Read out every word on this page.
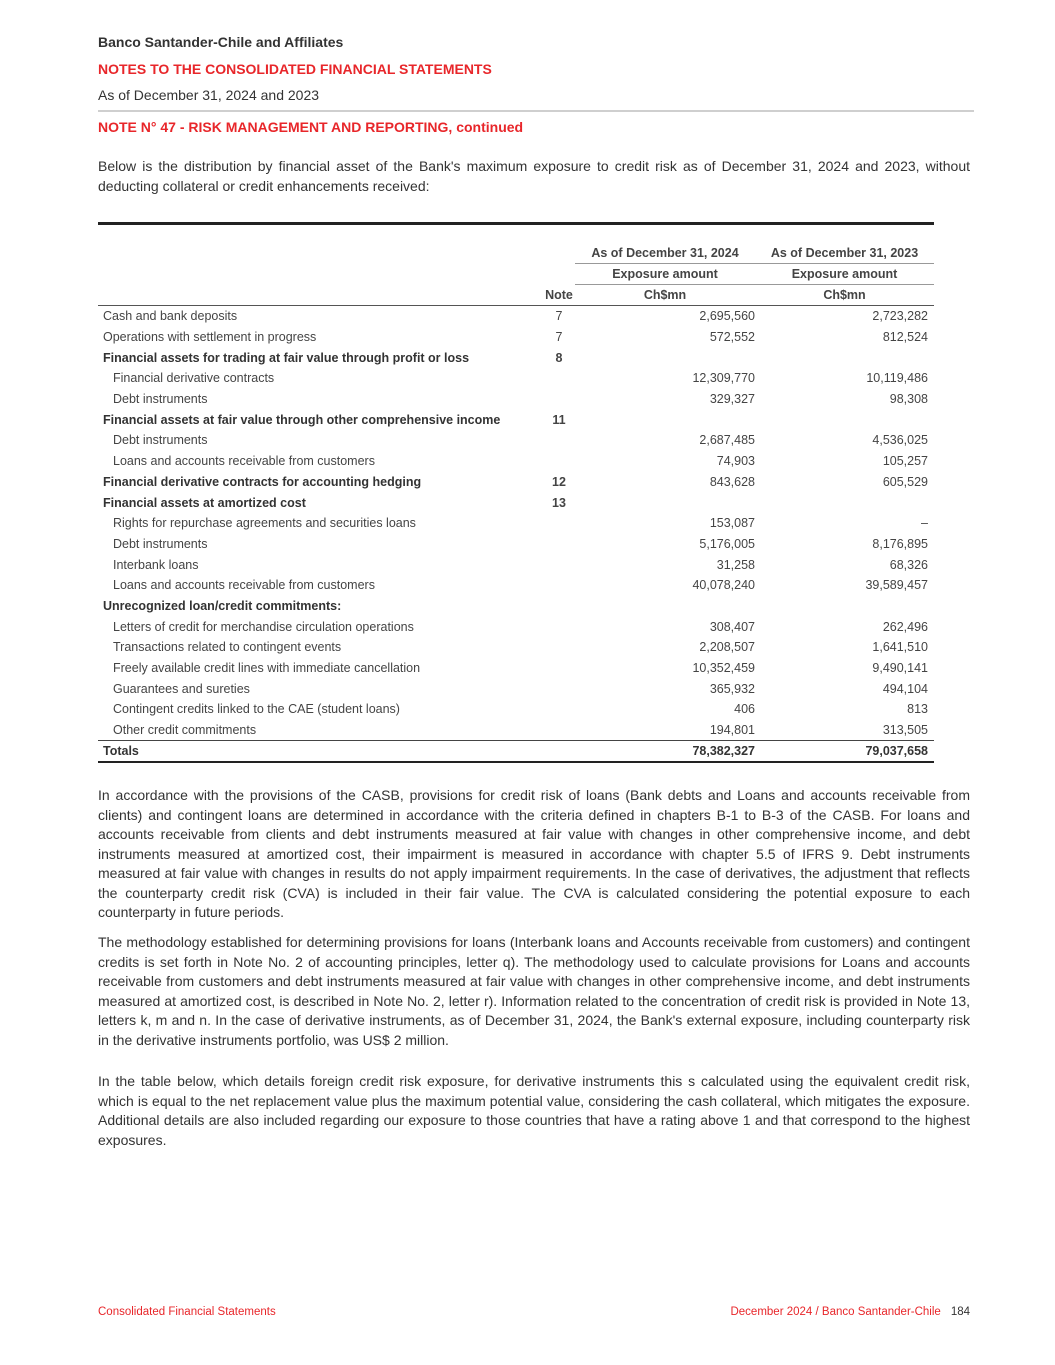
Banco Santander-Chile and Affiliates
NOTES TO THE CONSOLIDATED FINANCIAL STATEMENTS
As of December 31, 2024 and 2023
NOTE N° 47 - RISK MANAGEMENT AND REPORTING, continued
Below is the distribution by financial asset of the Bank's maximum exposure to credit risk as of December 31, 2024 and 2023, without deducting collateral or credit enhancements received:
		As of December 31, 2024	As of December 31, 2023
		Exposure amount	Exposure amount
	Note	Ch$mn	Ch$mn
Cash and bank deposits	7	2,695,560	2,723,282
Operations with settlement in progress	7	572,552	812,524
Financial assets for trading at fair value through profit or loss	8		
Financial derivative contracts		12,309,770	10,119,486
Debt instruments		329,327	98,308
Financial assets at fair value through other comprehensive income	11		
Debt instruments		2,687,485	4,536,025
Loans and accounts receivable from customers		74,903	105,257
Financial derivative contracts for accounting hedging	12	843,628	605,529
Financial assets at amortized cost	13		
Rights for repurchase agreements and securities loans		153,087	–
Debt instruments		5,176,005	8,176,895
Interbank loans		31,258	68,326
Loans and accounts receivable from customers		40,078,240	39,589,457
Unrecognized loan/credit commitments:			
Letters of credit for merchandise circulation operations		308,407	262,496
Transactions related to contingent events		2,208,507	1,641,510
Freely available credit lines with immediate cancellation		10,352,459	9,490,141
Guarantees and sureties		365,932	494,104
Contingent credits linked to the CAE (student loans)		406	813
Other credit commitments		194,801	313,505
Totals		78,382,327	79,037,658
In accordance with the provisions of the CASB, provisions for credit risk of loans (Bank debts and Loans and accounts receivable from clients) and contingent loans are determined in accordance with the criteria defined in chapters B-1 to B-3 of the CASB. For loans and accounts receivable from clients and debt instruments measured at fair value with changes in other comprehensive income, and debt instruments measured at amortized cost, their impairment is measured in accordance with chapter 5.5 of IFRS 9. Debt instruments measured at fair value with changes in results do not apply impairment requirements. In the case of derivatives, the adjustment that reflects the counterparty credit risk (CVA) is included in their fair value. The CVA is calculated considering the potential exposure to each counterparty in future periods.
The methodology established for determining provisions for loans (Interbank loans and Accounts receivable from customers) and contingent credits is set forth in Note No. 2 of accounting principles, letter q). The methodology used to calculate provisions for Loans and accounts receivable from customers and debt instruments measured at fair value with changes in other comprehensive income, and debt instruments measured at amortized cost, is described in Note No. 2, letter r). Information related to the concentration of credit risk is provided in Note 13, letters k, m and n. In the case of derivative instruments, as of December 31, 2024, the Bank's external exposure, including counterparty risk in the derivative instruments portfolio, was US$ 2 million.
In the table below, which details foreign credit risk exposure, for derivative instruments this s calculated using the equivalent credit risk, which is equal to the net replacement value plus the maximum potential value, considering the cash collateral, which mitigates the exposure. Additional details are also included regarding our exposure to those countries that have a rating above 1 and that correspond to the highest exposures.
Consolidated Financial Statements	December 2024 / Banco Santander-Chile 184
